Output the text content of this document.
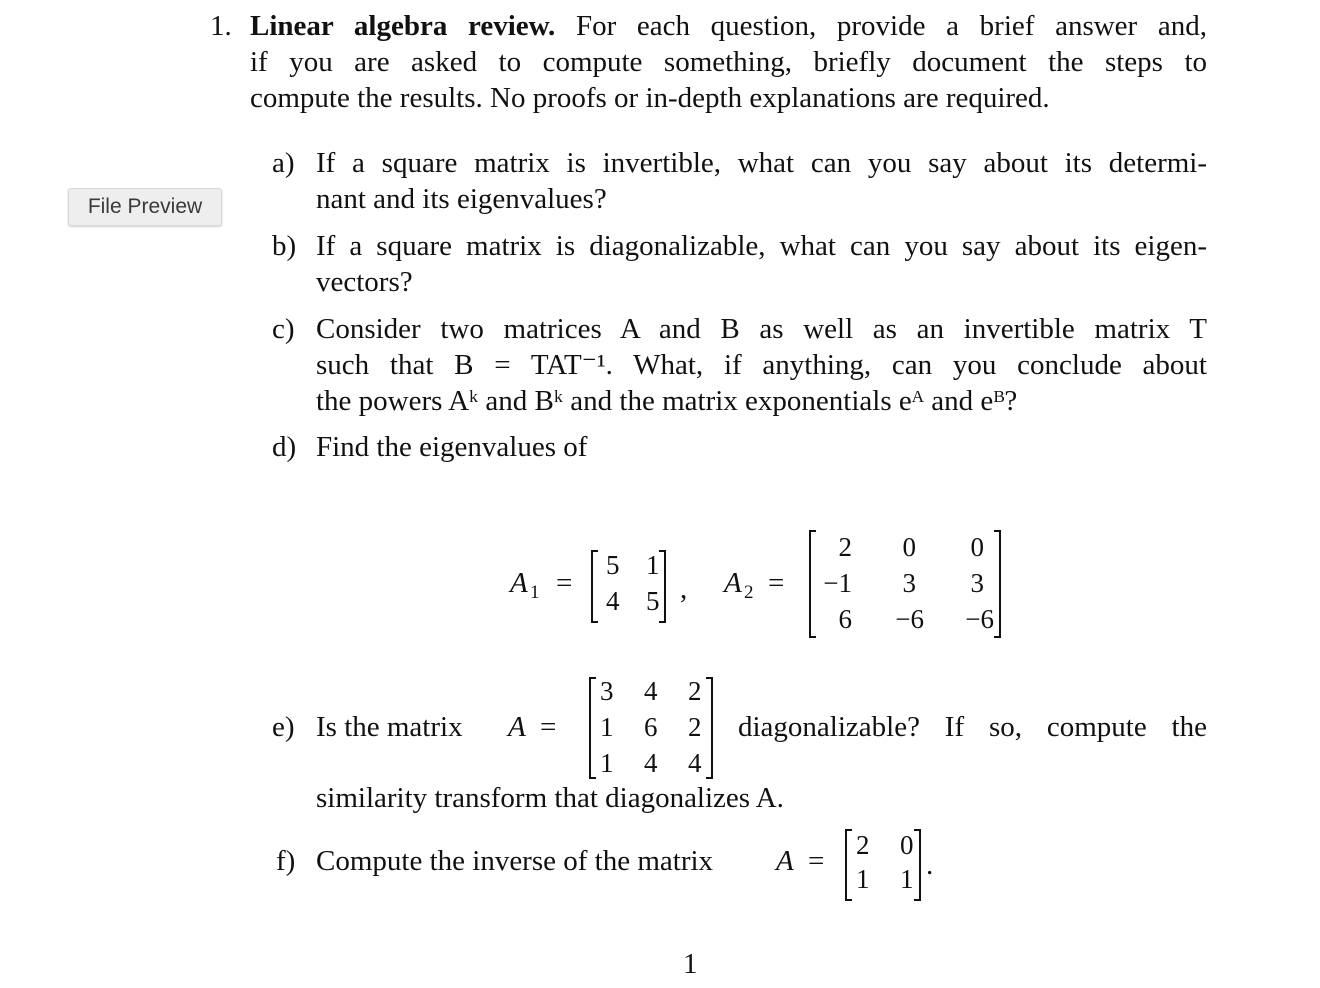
File Preview
1. Linear algebra review. For each question, provide a brief answer and,
if you are asked to compute something, briefly document the steps to
compute the results. No proofs or in-depth explanations are required.
a) If a square matrix is invertible, what can you say about its determi-
nant and its eigenvalues?
b) If a square matrix is diagonalizable, what can you say about its eigen-
vectors?
c) Consider two matrices A and B as well as an invertible matrix T
such that B = TAT⁻¹. What, if anything, can you conclude about
the powers Aᵏ and Bᵏ and the matrix exponentials eᴬ and eᴮ?
d) Find the eigenvalues of
A 1 =
5 1
4 5 , A 2 =
2 0 0
−1 3 3
6 −6 −6
e) Is the matrix A =
3 4 2
1 6 2
1 4 4
diagonalizable? If so, compute the
similarity transform that diagonalizes A.
f) Compute the inverse of the matrix A = 2 0
1 1 .
1
